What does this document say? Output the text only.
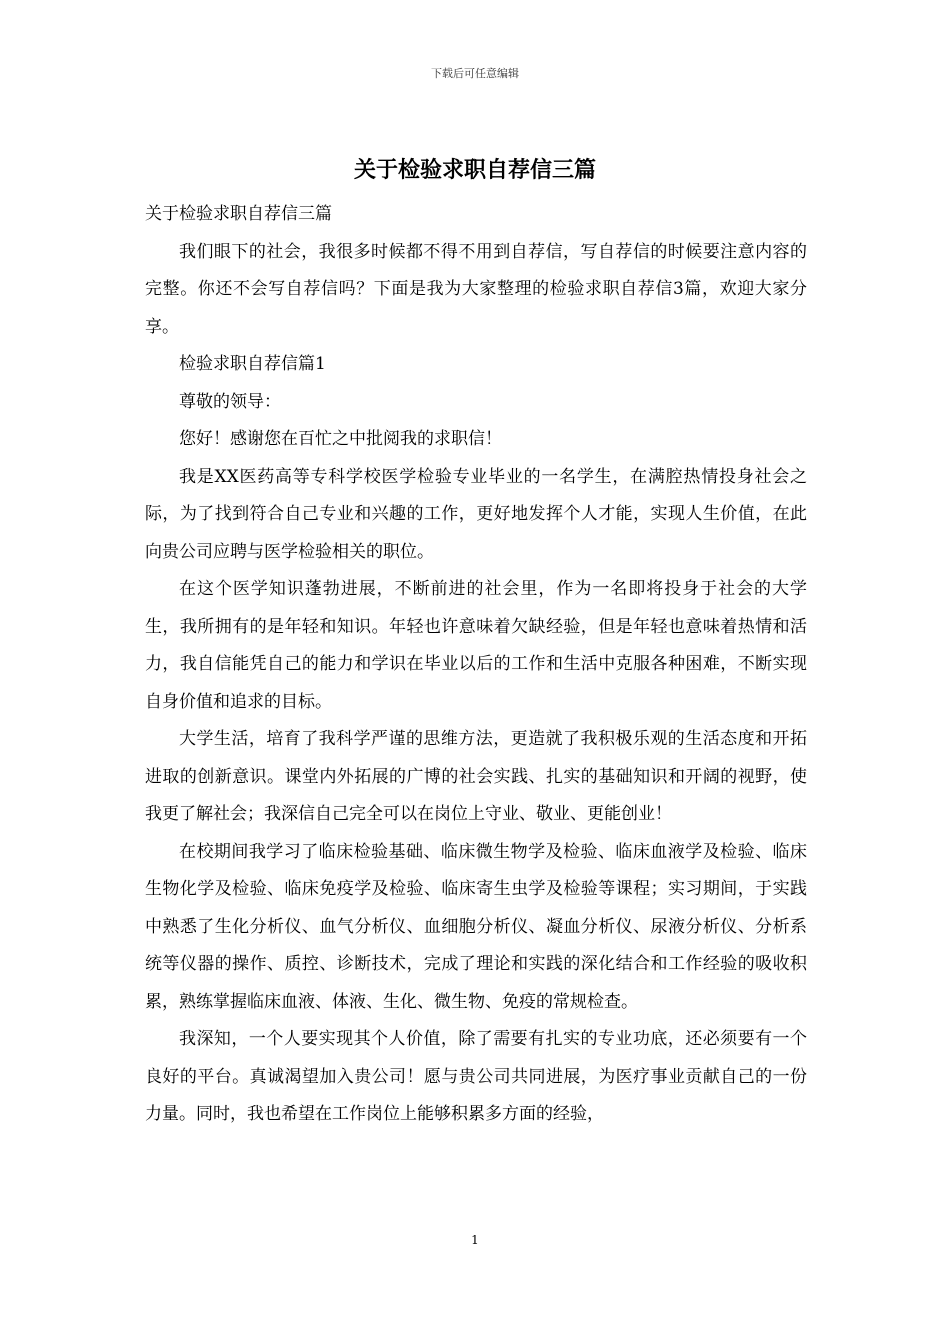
下载后可任意编辑
关于检验求职自荐信三篇

关于检验求职自荐信三篇

我们眼下的社会，我很多时候都不得不用到自荐信，写自荐信的时候要注意内容的完整。你还不会写自荐信吗？下面是我为大家整理的检验求职自荐信3篇，欢迎大家分享。

检验求职自荐信篇1

尊敬的领导：

您好！感谢您在百忙之中批阅我的求职信！

我是XX医药高等专科学校医学检验专业毕业的一名学生，在满腔热情投身社会之际，为了找到符合自己专业和兴趣的工作，更好地发挥个人才能，实现人生价值，在此向贵公司应聘与医学检验相关的职位。

在这个医学知识蓬勃进展，不断前进的社会里，作为一名即将投身于社会的大学生，我所拥有的是年轻和知识。年轻也许意味着欠缺经验，但是年轻也意味着热情和活力，我自信能凭自己的能力和学识在毕业以后的工作和生活中克服各种困难，不断实现自身价值和追求的目标。

大学生活，培育了我科学严谨的思维方法，更造就了我积极乐观的生活态度和开拓进取的创新意识。课堂内外拓展的广博的社会实践、扎实的基础知识和开阔的视野，使我更了解社会；我深信自己完全可以在岗位上守业、敬业、更能创业！

在校期间我学习了临床检验基础、临床微生物学及检验、临床血液学及检验、临床生物化学及检验、临床免疫学及检验、临床寄生虫学及检验等课程；实习期间，于实践中熟悉了生化分析仪、血气分析仪、血细胞分析仪、凝血分析仪、尿液分析仪、分析系统等仪器的操作、质控、诊断技术，完成了理论和实践的深化结合和工作经验的吸收积累，熟练掌握临床血液、体液、生化、微生物、免疫的常规检查。

我深知，一个人要实现其个人价值，除了需要有扎实的专业功底，还必须要有一个良好的平台。真诚渴望加入贵公司！愿与贵公司共同进展，为医疗事业贡献自己的一份力量。同时，我也希望在工作岗位上能够积累多方面的经验，

1
